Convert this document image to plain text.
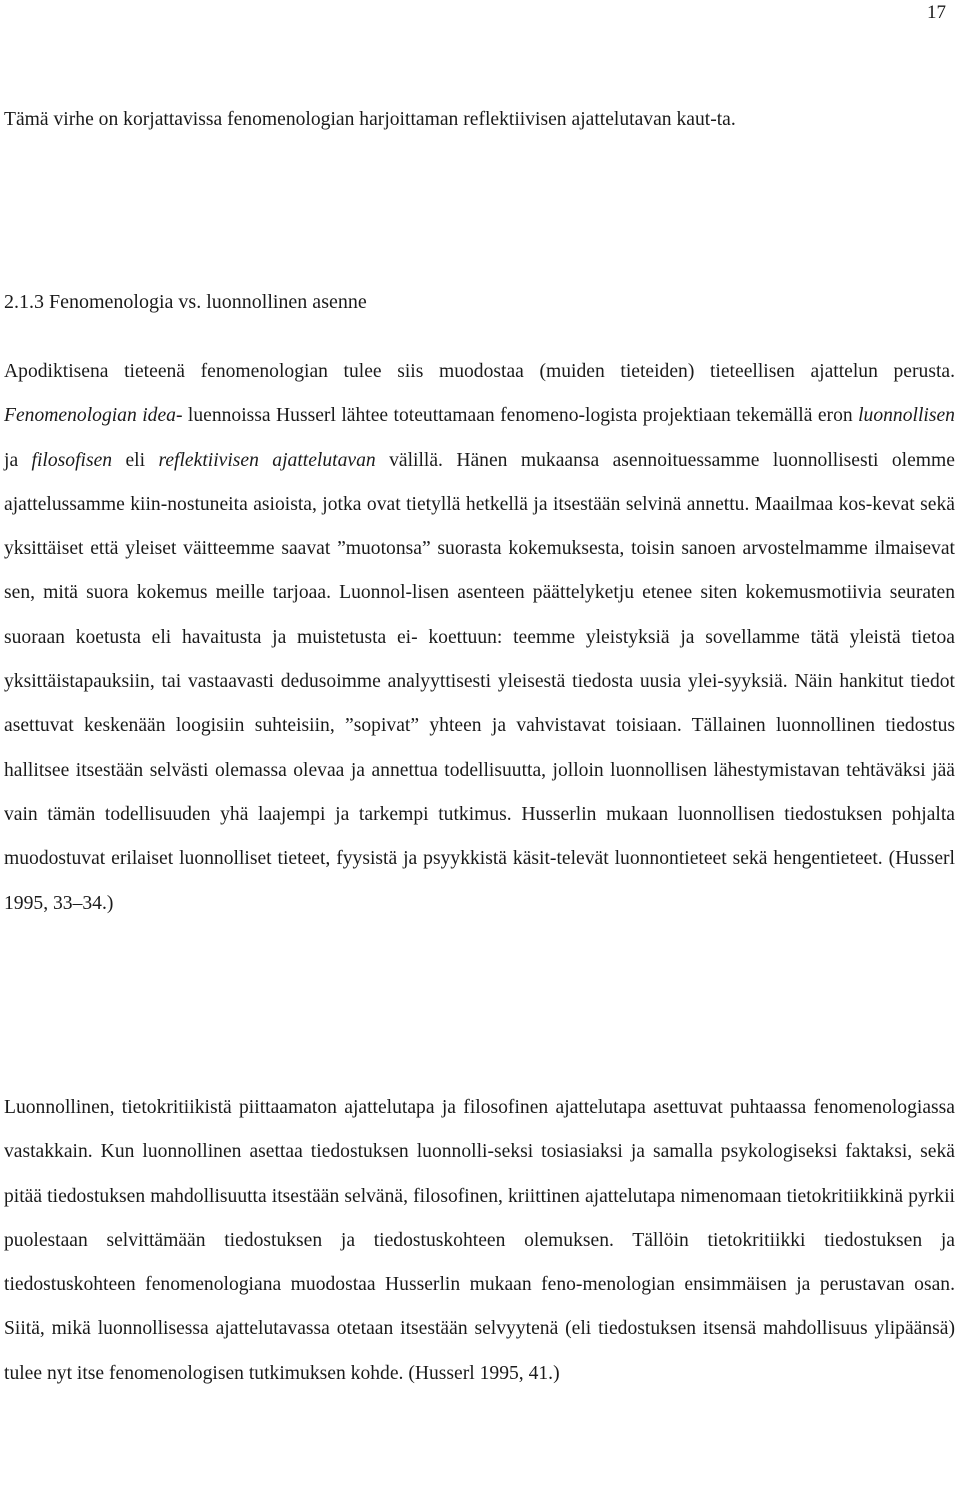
17

Tämä virhe on korjattavissa fenomenologian harjoittaman reflektiivisen ajattelutavan kaut-ta.

2.1.3 Fenomenologia vs. luonnollinen asenne

Apodiktisena tieteenä fenomenologian tulee siis muodostaa (muiden tieteiden) tieteellisen ajattelun perusta. Fenomenologian idea- luennoissa Husserl lähtee toteuttamaan fenomeno-logista projektiaan tekemällä eron luonnollisen ja filosofisen eli reflektiivisen ajattelutavan välillä. Hänen mukaansa asennoituessamme luonnollisesti olemme ajattelussamme kiin-nostuneita asioista, jotka ovat tietyllä hetkellä ja itsestään selvinä annettu. Maailmaa kos-kevat sekä yksittäiset että yleiset väitteemme saavat ”muotonsa” suorasta kokemuksesta, toisin sanoen arvostelmamme ilmaisevat sen, mitä suora kokemus meille tarjoaa. Luonnol-lisen asenteen päättelyketju etenee siten kokemusmotiivia seuraten suoraan koetusta eli havaitusta ja muistetusta ei- koettuun: teemme yleistyksiä ja sovellamme tätä yleistä tietoa yksittäistapauksiin, tai vastaavasti dedusoimme analyyttisesti yleisestä tiedosta uusia ylei-syyksiä. Näin hankitut tiedot asettuvat keskenään loogisiin suhteisiin, ”sopivat” yhteen ja vahvistavat toisiaan. Tällainen luonnollinen tiedostus hallitsee itsestään selvästi olemassa olevaa ja annettua todellisuutta, jolloin luonnollisen lähestymistavan tehtäväksi jää vain tämän todellisuuden yhä laajempi ja tarkempi tutkimus. Husserlin mukaan luonnollisen tiedostuksen pohjalta muodostuvat erilaiset luonnolliset tieteet, fyysistä ja psyykkistä käsit-televät luonnontieteet sekä hengentieteet. (Husserl 1995, 33–34.)

Luonnollinen, tietokritiikistä piittaamaton ajattelutapa ja filosofinen ajattelutapa asettuvat puhtaassa fenomenologiassa vastakkain. Kun luonnollinen asettaa tiedostuksen luonnolli-seksi tosiasiaksi ja samalla psykologiseksi faktaksi, sekä pitää tiedostuksen mahdollisuutta itsestään selvänä, filosofinen, kriittinen ajattelutapa nimenomaan tietokritiikkinä pyrkii puolestaan selvittämään tiedostuksen ja tiedostuskohteen olemuksen. Tällöin tietokritiikki tiedostuksen ja tiedostuskohteen fenomenologiana muodostaa Husserlin mukaan feno-menologian ensimmäisen ja perustavan osan. Siitä, mikä luonnollisessa ajattelutavassa otetaan itsestään selvyytenä (eli tiedostuksen itsensä mahdollisuus ylipäänsä) tulee nyt itse fenomenologisen tutkimuksen kohde. (Husserl 1995, 41.)
